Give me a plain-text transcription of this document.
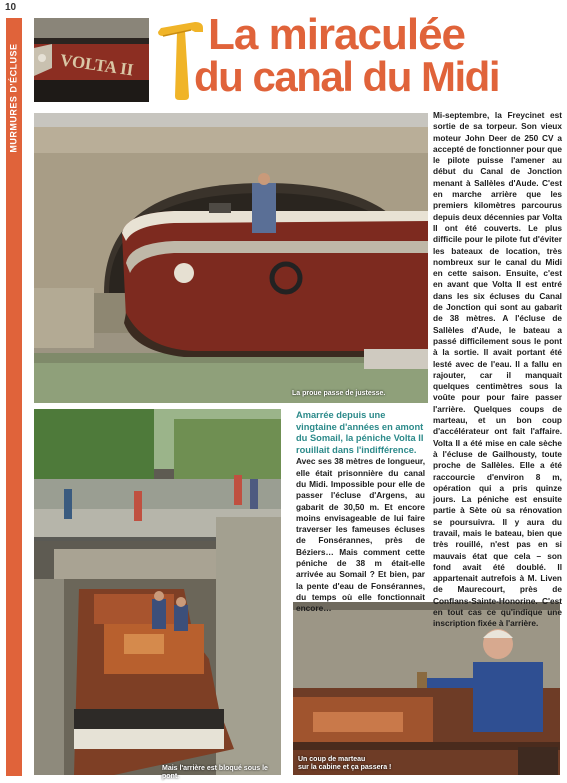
10
MURMURES D'ÉCLUSE VOLTA II
La miraculée
du canal du Midi
La proue passe de justesse.
J.L. Chardine (c)
Mais l'arrière est bloqué sous le pont.
Un coup de marteau
sur la cabine et ça passera !

Amarrée depuis une vingtaine d'années en amont du Somail, la péniche Volta II rouillait dans l'indifférence.

Avec ses 38 mètres de longueur, elle était prisonnière du canal du Midi. Impossible pour elle de passer l'écluse d'Argens, au gabarit de 30,50 m. Et encore moins envisageable de lui faire traverser les fameuses écluses de Fonsérannes, près de Béziers… Mais comment cette péniche de 38 m était-elle arrivée au Somail ? Et bien, par la pente d'eau de Fonsérannes, du temps où elle fonctionnait encore…

Mi-septembre, la Freycinet est sortie de sa torpeur. Son vieux moteur John Deer de 250 CV a accepté de fonctionner pour que le pilote puisse l'amener au début du Canal de Jonction menant à Sallèles d'Aude. C'est en marche arrière que les premiers kilomètres parcourus depuis deux décennies par Volta II ont été couverts. Le plus difficile pour le pilote fut d'éviter les bateaux de location, très nombreux sur le canal du Midi en cette saison. Ensuite, c'est en avant que Volta II est entré dans les six écluses du Canal de Jonction qui sont au gabarit de 38 mètres. A l'écluse de Sallèles d'Aude, le bateau a passé difficilement sous le pont à la sortie. Il avait portant été lesté avec de l'eau. Il a fallu en rajouter, car il manquait quelques centimètres sous la voûte pour pour faire passer l'arrière. Quelques coups de marteau, et un bon coup d'accélérateur ont fait l'affaire. Volta II a été mise en cale sèche à l'écluse de Gailhousty, toute proche de Sallèles. Elle a été raccourcie d'environ 8 m, opération qui a pris quinze jours. La péniche est ensuite partie à Sète où sa rénovation se poursuivra. Il y aura du travail, mais le bateau, bien que très rouillé, n'est pas en si mauvais état que cela – son fond avait été doublé. Il appartenait autrefois à M. Liven de Maurecourt, près de Conflans-Sainte-Honorine. C'est en tout cas ce qu'indique une inscription fixée à l'arrière.
